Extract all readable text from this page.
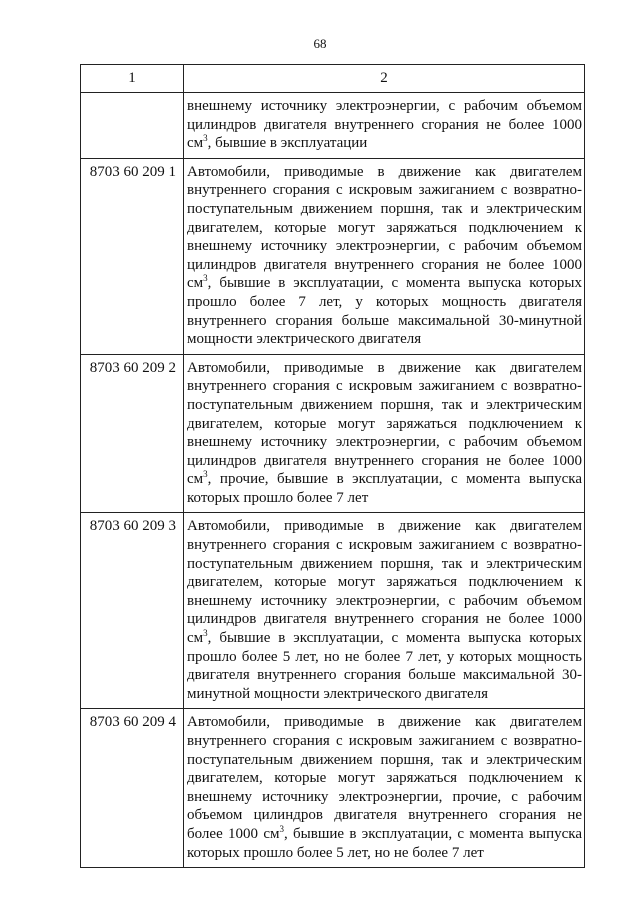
68
1	2

	внешнему источнику электроэнергии, с рабочим объемом цилиндров двигателя внутреннего сгорания не более 1000 $см^3$, бывшие в эксплуатации

8703 60 209 1	Автомобили, приводимые в движение как двигателем внутреннего сгорания с искровым зажиганием с возвратно-поступательным движением поршня, так и электрическим двигателем, которые могут заряжаться подключением к внешнему источнику электроэнергии, с рабочим объемом цилиндров двигателя внутреннего сгорания не более 1000 $см^3$, бывшие в эксплуатации, с момента выпуска которых прошло более 7 лет, у которых мощность двигателя внутреннего сгорания больше максимальной 30-минутной мощности электрического двигателя

8703 60 209 2	Автомобили, приводимые в движение как двигателем внутреннего сгорания с искровым зажиганием с возвратно-поступательным движением поршня, так и электрическим двигателем, которые могут заряжаться подключением к внешнему источнику электроэнергии, с рабочим объемом цилиндров двигателя внутреннего сгорания не более 1000 $см^3$, прочие, бывшие в эксплуатации, с момента выпуска которых прошло более 7 лет

8703 60 209 3	Автомобили, приводимые в движение как двигателем внутреннего сгорания с искровым зажиганием с возвратно-поступательным движением поршня, так и электрическим двигателем, которые могут заряжаться подключением к внешнему источнику электроэнергии, с рабочим объемом цилиндров двигателя внутреннего сгорания не более 1000 $см^3$, бывшие в эксплуатации, с момента выпуска которых прошло более 5 лет, но не более 7 лет, у которых мощность двигателя внутреннего сгорания больше максимальной 30-минутной мощности электрического двигателя

8703 60 209 4	Автомобили, приводимые в движение как двигателем внутреннего сгорания с искровым зажиганием с возвратно-поступательным движением поршня, так и электрическим двигателем, которые могут заряжаться подключением к внешнему источнику электроэнергии, прочие, с рабочим объемом цилиндров двигателя внутреннего сгорания не более 1000 $см^3$, бывшие в эксплуатации, с момента выпуска которых прошло более 5 лет, но не более 7 лет
